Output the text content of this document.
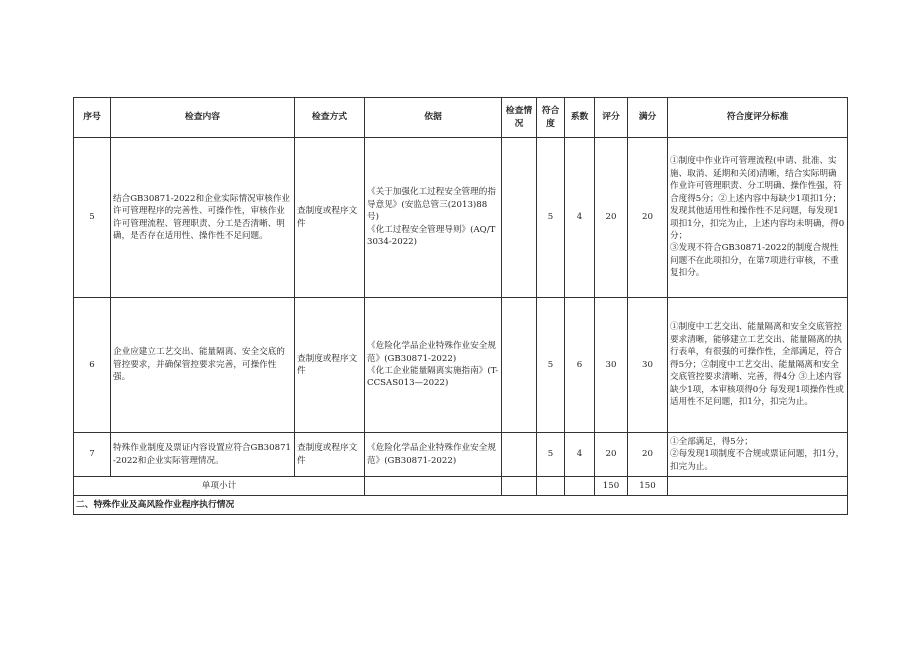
序号	检查内容	检查方式	依据	检查情况	符合度	系数	评分	满分	符合度评分标准
5	结合GB30871-2022和企业实际情况审核作业许可管理程序的完善性、可操作性，审核作业许可管理流程、管理职责、分工是否清晰、明确，是否存在适用性、操作性不足问题。	查制度或程序文件	《关于加强化工过程安全管理的指导意见》(安监总管三(2013)88号)
《化工过程安全管理导则》(AQ/T3034-2022)		5	4	20	20	①制度中作业许可管理流程(申请、批准、实施、取消、延期和关闭)清晰，结合实际明确作业许可管理职责、分工明确、操作性强，符合度得5分；②上述内容中每缺少1项扣1分；发现其他适用性和操作性不足问题，每发现1项扣1分，扣完为止，上述内容均未明确，得0分；
③发现不符合GB30871-2022的制度合规性问题不在此项扣分，在第7项进行审核，不重复扣分。
6	企业应建立工艺交出、能量隔离、安全交底的管控要求，并确保管控要求完善，可操作性强。	查制度或程序文件	《危险化学品企业特殊作业安全规范》(GB30871-2022)
《化工企业能量隔离实施指南》(T-CCSAS013—2022)		5	6	30	30	①制度中工艺交出、能量隔离和安全交底管控要求清晰，能够建立工艺交出、能量隔离的执行表单，有很强的可操作性，全部满足，符合得5分；②制度中工艺交出、能量隔离和安全交底管控要求清晰、完善，得4分 ③上述内容缺少1项，本审核项得0分 每发现1项操作性或适用性不足问题，扣1分，扣完为止。
7	特殊作业制度及票证内容设置应符合GB30871-2022和企业实际管理情况。	查制度或程序文件	《危险化学品企业特殊作业安全规范》(GB30871-2022)		5	4	20	20	①全部满足，得5分；
②每发现1项制度不合规或票证问题，扣1分，扣完为止。
单项小计							150	150	
二、特殊作业及高风险作业程序执行情况									
